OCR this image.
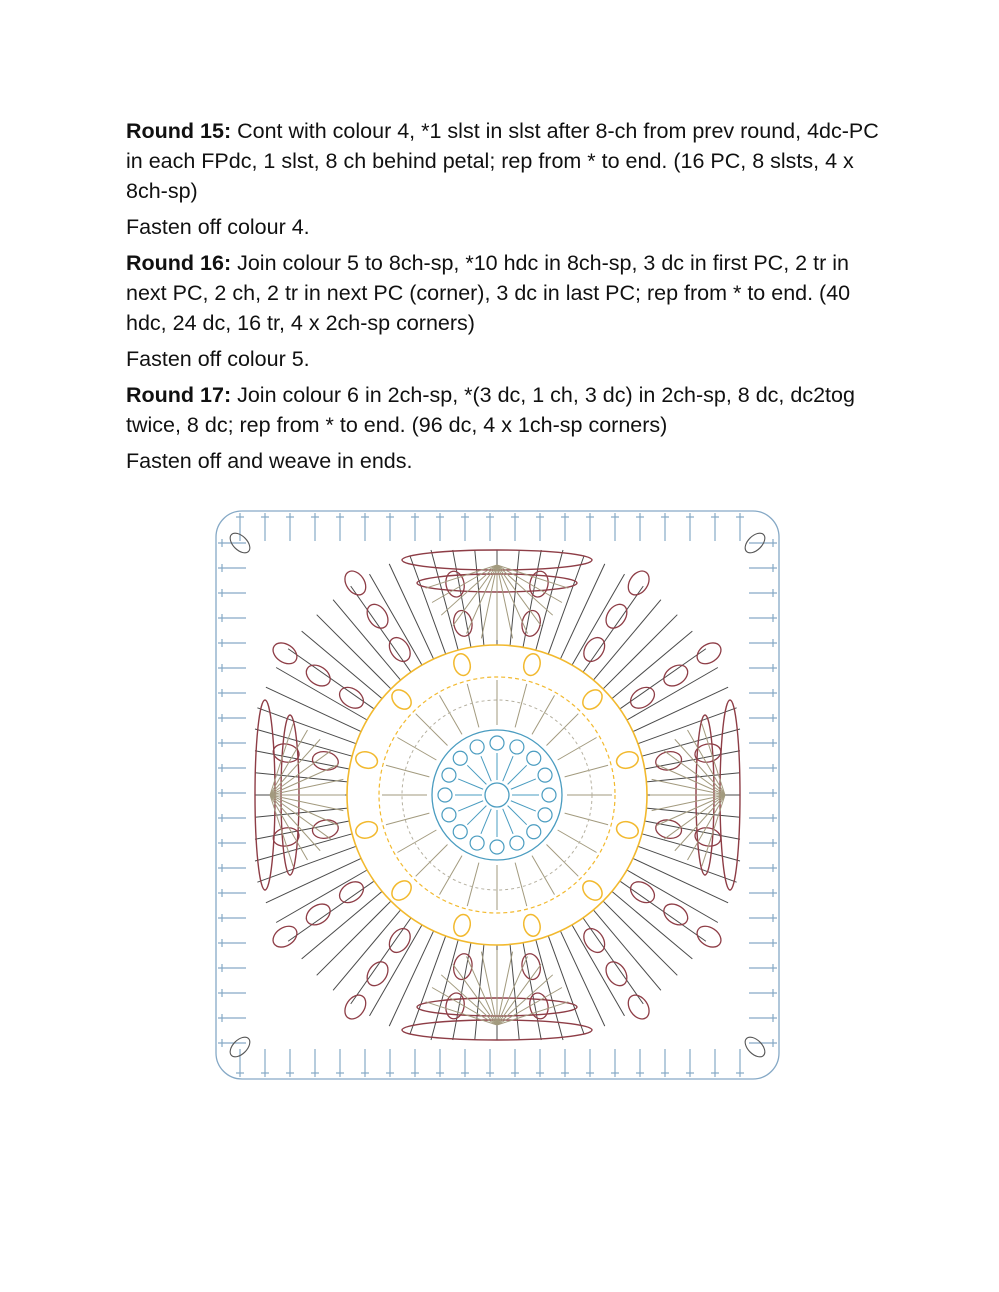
Round 15: Cont with colour 4, *1 slst in slst after 8-ch from prev round, 4dc-PC in each FPdc, 1 slst, 8 ch behind petal; rep from * to end. (16 PC, 8 slsts, 4 x 8ch-sp)

Fasten off colour 4.

Round 16: Join colour 5 to 8ch-sp, *10 hdc in 8ch-sp, 3 dc in first PC, 2 tr in next PC, 2 ch, 2 tr in next PC (corner), 3 dc in last PC; rep from * to end. (40 hdc, 24 dc, 16 tr, 4 x 2ch-sp corners)

Fasten off colour 5.

Round 17: Join colour 6 in 2ch-sp, *(3 dc, 1 ch, 3 dc) in 2ch-sp, 8 dc, dc2tog twice, 8 dc; rep from * to end. (96 dc, 4 x 1ch-sp corners)

Fasten off and weave in ends.
